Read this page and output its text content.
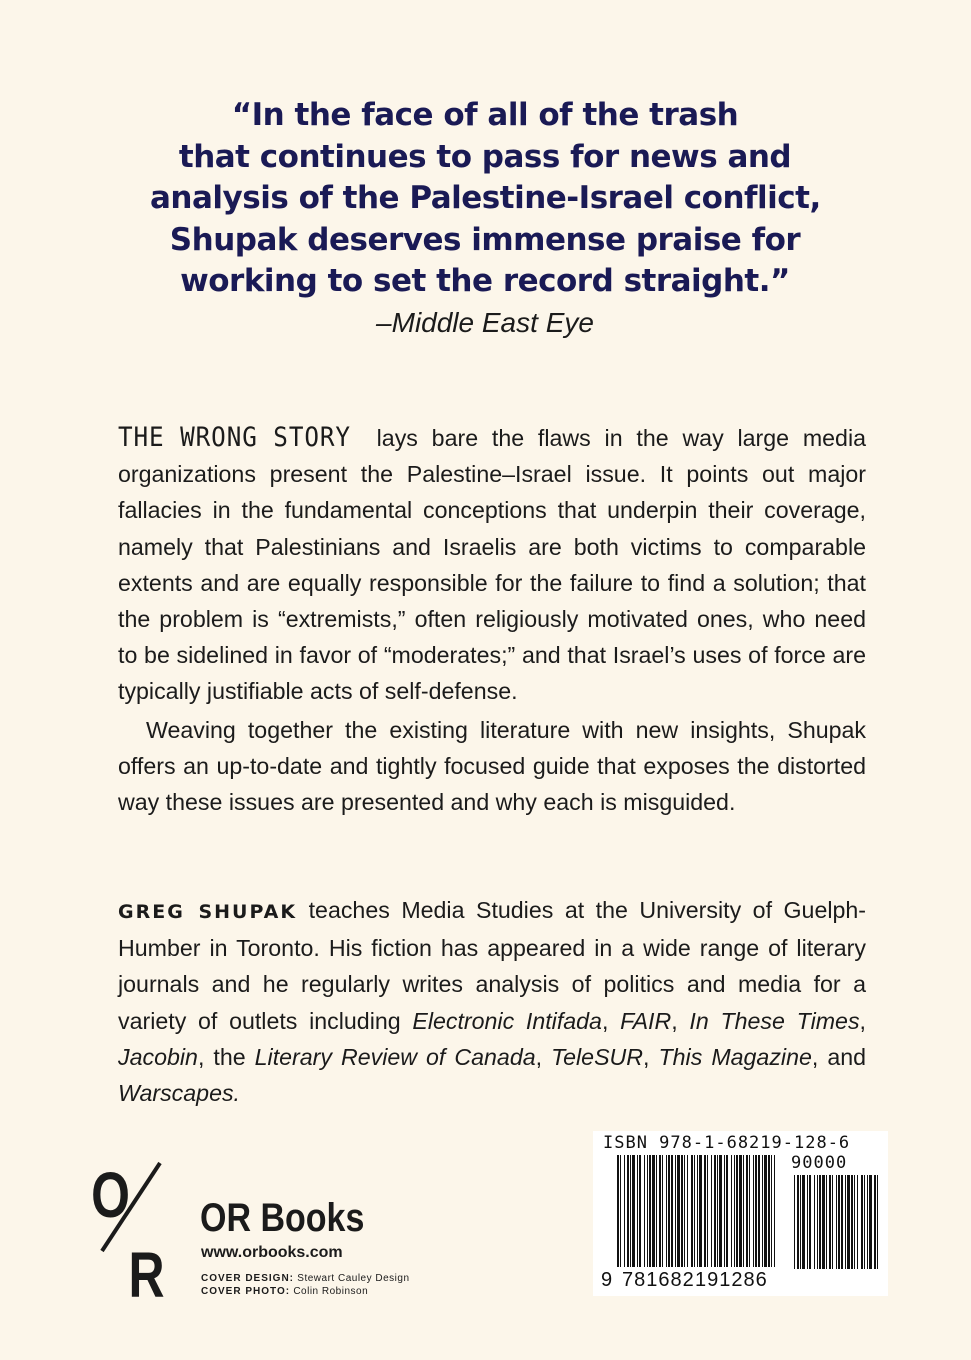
“In the face of all of the trash
that continues to pass for news and
analysis of the Palestine-Israel conflict,
Shupak deserves immense praise for
working to set the record straight.”
–Middle East Eye
THE WRONG STORY lays bare the flaws in the way large media organizations present the Palestine–Israel issue. It points out major fallacies in the fundamental conceptions that underpin their coverage, namely that Palestinians and Israelis are both victims to comparable extents and are equally responsible for the failure to find a solution; that the problem is “extremists,” often religiously motivated ones, who need to be sidelined in favor of “moderates;” and that Israel’s uses of force are typically justifiable acts of self-defense.
Weaving together the existing literature with new insights, Shupak offers an up-to-date and tightly focused guide that exposes the distorted way these issues are presented and why each is misguided.
GREG SHUPAK teaches Media Studies at the University of Guelph-Humber in Toronto. His fiction has appeared in a wide range of literary journals and he regularly writes analysis of politics and media for a variety of outlets including Electronic Intifada, FAIR, In These Times, Jacobin, the Literary Review of Canada, TeleSUR, This Magazine, and Warscapes.
O
R
OR Books
www.orbooks.com
COVER DESIGN: Stewart Cauley Design
COVER PHOTO: Colin Robinson
ISBN 978-1-68219-128-6
90000
9 781682 191286
